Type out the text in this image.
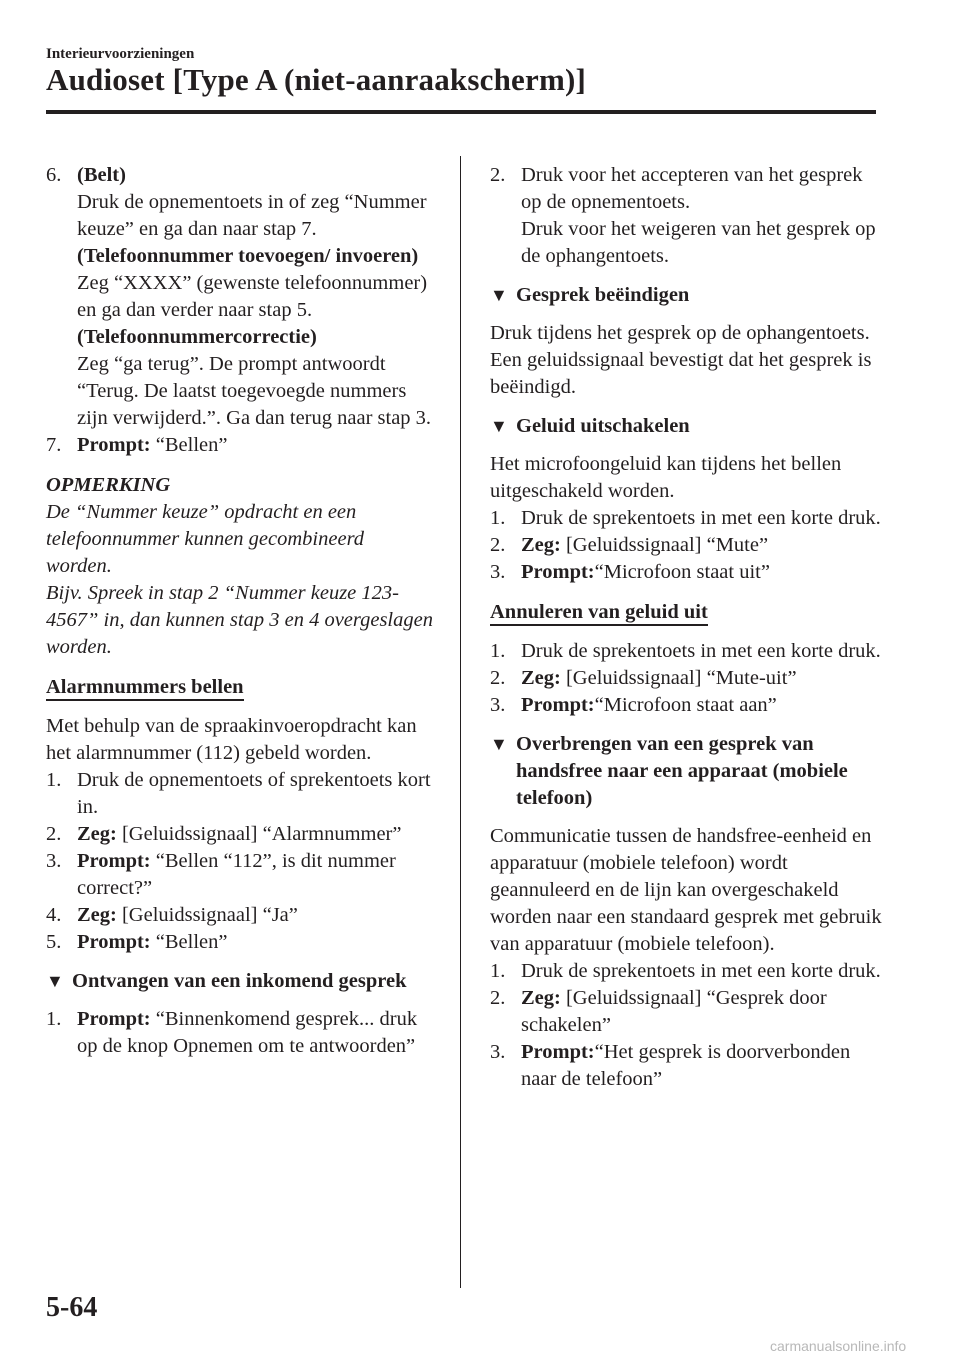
Interieurvoorzieningen
Audioset [Type A (niet-aanraakscherm)]
6. (Belt)

Druk de opnementoets in of zeg “Nummer keuze” en ga dan naar stap 7.

(Telefoonnummer toevoegen/ invoeren)

Zeg “XXXX” (gewenste telefoonnummer) en ga dan verder naar stap 5.

(Telefoonnummercorrectie)

Zeg “ga terug”. De prompt antwoordt “Terug. De laatst toegevoegde nummers zijn verwijderd.”. Ga dan terug naar stap 3.

7. Prompt: “Bellen”
OPMERKING

De “Nummer keuze” opdracht en een telefoonnummer kunnen gecombineerd worden.

Bijv. Spreek in stap 2 “Nummer keuze 123-4567” in, dan kunnen stap 3 en 4 overgeslagen worden.

Alarmnummers bellen

Met behulp van de spraakinvoeropdracht kan het alarmnummer (112) gebeld worden.

1. Druk de opnementoets of sprekentoets kort in.
2. Zeg: [Geluidssignaal] “Alarmnummer”
3. Prompt: “Bellen “112”, is dit nummer correct?”
4. Zeg: [Geluidssignaal] “Ja”
5. Prompt: “Bellen”
▼ Ontvangen van een inkomend gesprek
1. Prompt: “Binnenkomend gesprek... druk op de knop Opnemen om te antwoorden”
2. Druk voor het accepteren van het gesprek op de opnementoets.

Druk voor het weigeren van het gesprek op de ophangentoets.

▼ Gesprek beëindigen

Druk tijdens het gesprek op de ophangentoets. Een geluidssignaal bevestigt dat het gesprek is beëindigd.

▼ Geluid uitschakelen

Het microfoongeluid kan tijdens het bellen uitgeschakeld worden.

1. Druk de sprekentoets in met een korte druk.
2. Zeg: [Geluidssignaal] “Mute”
3. Prompt:“Microfoon staat uit”
Annuleren van geluid uit
1. Druk de sprekentoets in met een korte druk.
2. Zeg: [Geluidssignaal] “Mute-uit”
3. Prompt:“Microfoon staat aan”
▼ Overbrengen van een gesprek van handsfree naar een apparaat (mobiele telefoon)

Communicatie tussen de handsfree-eenheid en apparatuur (mobiele telefoon) wordt geannuleerd en de lijn kan overgeschakeld worden naar een standaard gesprek met gebruik van apparatuur (mobiele telefoon).

1. Druk de sprekentoets in met een korte druk.
2. Zeg: [Geluidssignaal] “Gesprek door schakelen”
3. Prompt:“Het gesprek is doorverbonden naar de telefoon”
5-64
carmanualsonline.info
